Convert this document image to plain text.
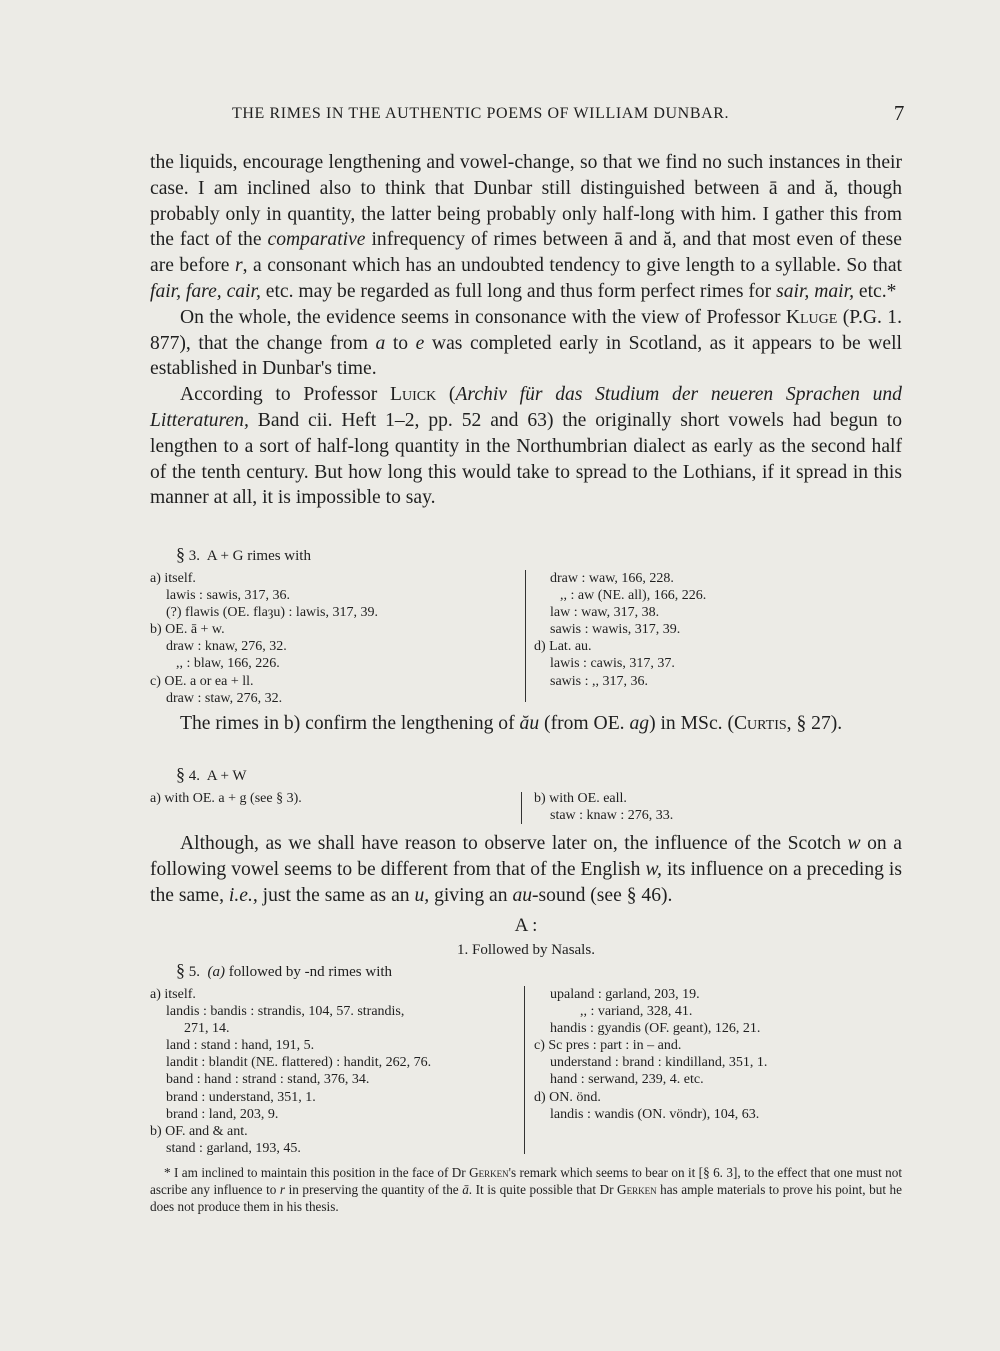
THE RIMES IN THE AUTHENTIC POEMS OF WILLIAM DUNBAR.	7

the liquids, encourage lengthening and vowel-change, so that we find no such instances in their case. I am inclined also to think that Dunbar still distinguished between ā and ă, though probably only in quantity, the latter being probably only half-long with him. I gather this from the fact of the comparative infrequency of rimes between ā and ă, and that most even of these are before r, a consonant which has an undoubted tendency to give length to a syllable. So that fair, fare, cair, etc. may be regarded as full long and thus form perfect rimes for sair, mair, etc.*

On the whole, the evidence seems in consonance with the view of Professor Kluge (P.G. 1. 877), that the change from a to e was completed early in Scotland, as it appears to be well established in Dunbar's time.

According to Professor Luick (Archiv für das Studium der neueren Sprachen und Litteraturen, Band cii. Heft 1–2, pp. 52 and 63) the originally short vowels had begun to lengthen to a sort of half-long quantity in the Northumbrian dialect as early as the second half of the tenth century. But how long this would take to spread to the Lothians, if it spread in this manner at all, it is impossible to say.

§ 3. A + G rimes with
a) itself.
lawis : sawis, 317, 36.
(?) flawis (OE. flaȝu) : lawis, 317, 39.
b) OE. ā + w.
draw : knaw, 276, 32.
,, : blaw, 166, 226.
c) OE. a or ea + ll.
draw : staw, 276, 32.
draw : waw, 166, 228.
,, : aw (NE. all), 166, 226.
law : waw, 317, 38.
sawis : wawis, 317, 39.
d) Lat. au.
lawis : cawis, 317, 37.
sawis : ,, 317, 36.

The rimes in b) confirm the lengthening of ău (from OE. ag) in MSc. (Curtis, § 27).

§ 4. A + W
a) with OE. a + g (see § 3).	b) with OE. eall.
staw : knaw : 276, 33.

Although, as we shall have reason to observe later on, the influence of the Scotch w on a following vowel seems to be different from that of the English w, its influence on a preceding is the same, i.e., just the same as an u, giving an au-sound (see § 46).

A :
1. Followed by Nasals.
§ 5. (a) followed by -nd rimes with
a) itself.
landis : bandis : strandis, 104, 57. strandis,
271, 14.
land : stand : hand, 191, 5.
landit : blandit (NE. flattered) : handit, 262, 76.
band : hand : strand : stand, 376, 34.
brand : understand, 351, 1.
brand : land, 203, 9.
b) OF. and & ant.
stand : garland, 193, 45.
upaland : garland, 203, 19.
,, : variand, 328, 41.
handis : gyandis (OF. geant), 126, 21.
c) Sc pres : part : in – and.
understand : brand : kindilland, 351, 1.
hand : serwand, 239, 4. etc.
d) ON. önd.
landis : wandis (ON. vöndr), 104, 63.

* I am inclined to maintain this position in the face of Dr Gerken's remark which seems to bear on it [§ 6. 3], to the effect that one must not ascribe any influence to r in preserving the quantity of the ā. It is quite possible that Dr Gerken has ample materials to prove his point, but he does not produce them in his thesis.
